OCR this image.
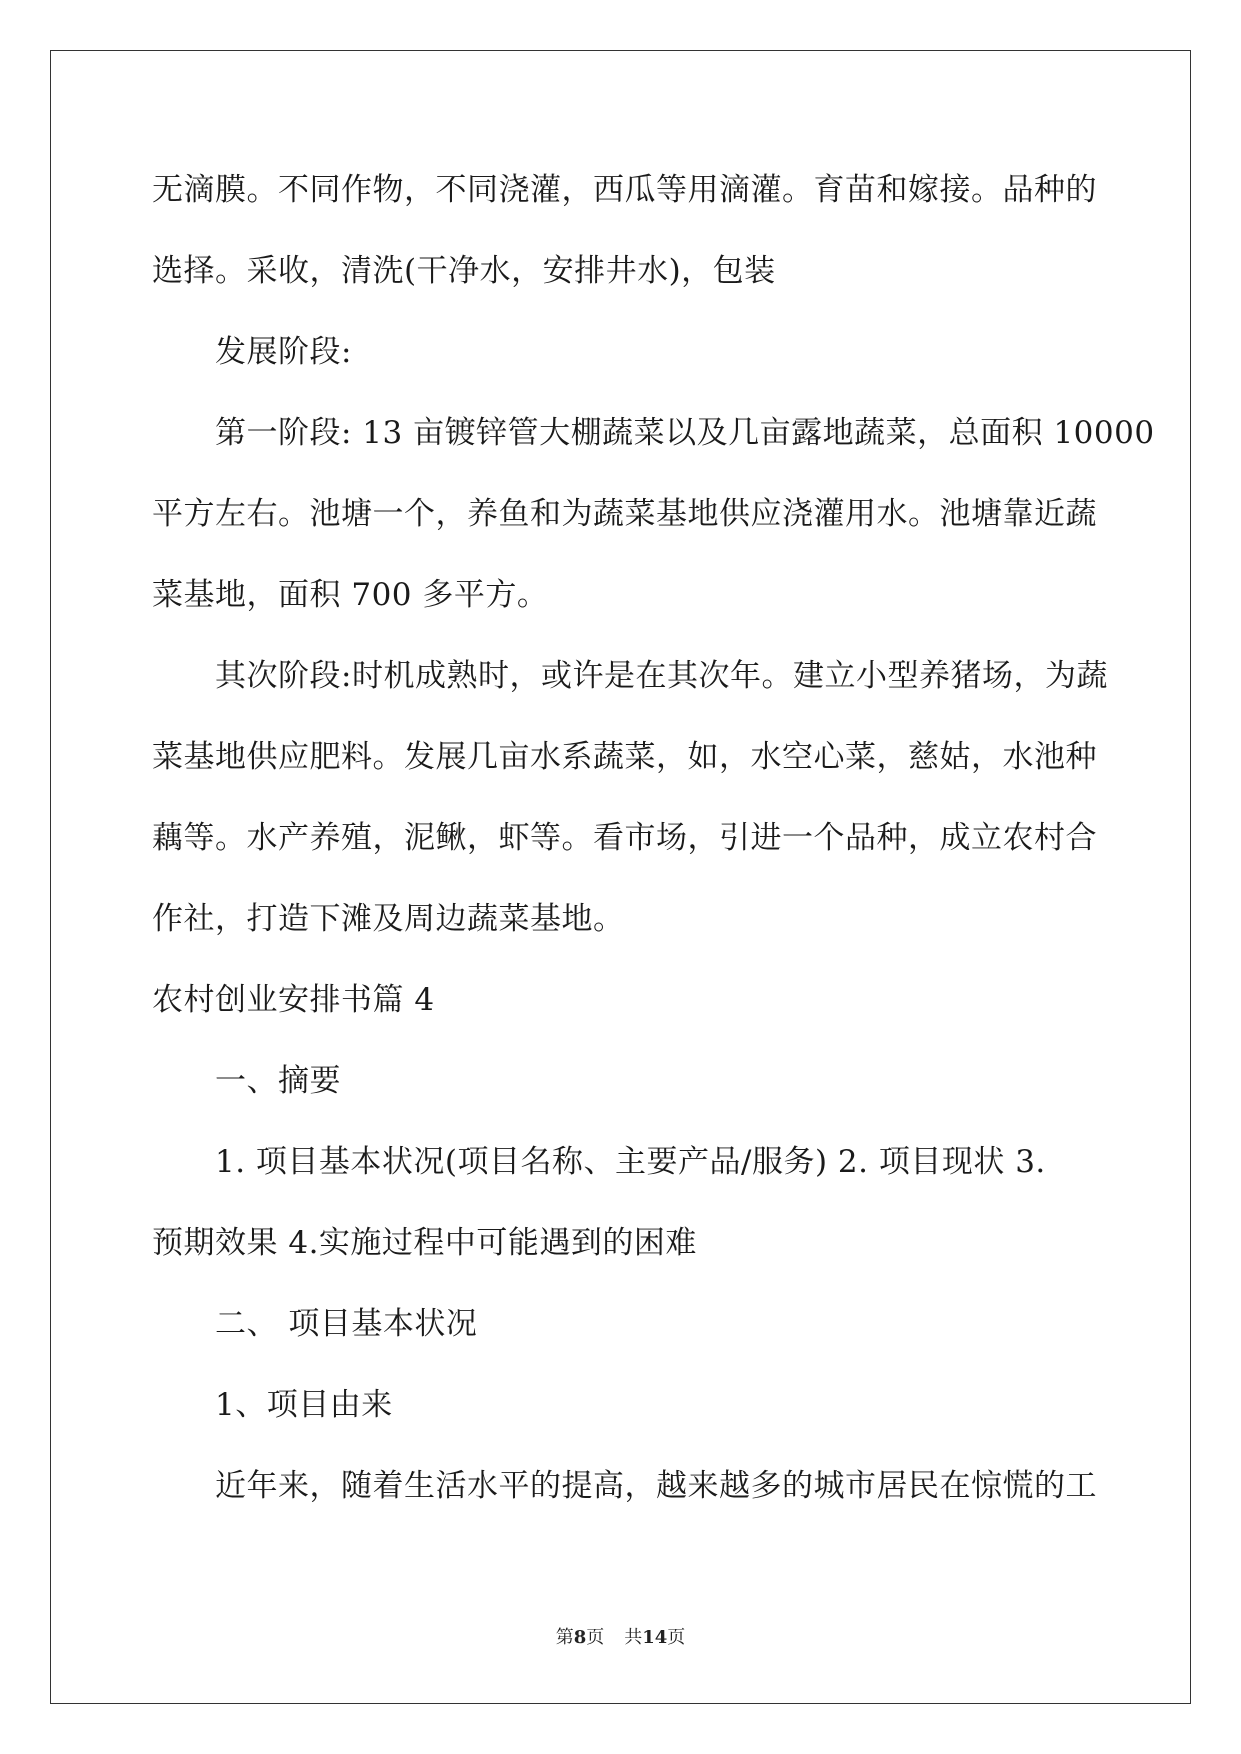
无滴膜。不同作物，不同浇灌，西瓜等用滴灌。育苗和嫁接。品种的
选择。采收，清洗(干净水，安排井水)，包装
发展阶段:
第一阶段: 13 亩镀锌管大棚蔬菜以及几亩露地蔬菜，总面积 10000
平方左右。池塘一个，养鱼和为蔬菜基地供应浇灌用水。池塘靠近蔬
菜基地，面积 700 多平方。
其次阶段:时机成熟时，或许是在其次年。建立小型养猪场，为蔬
菜基地供应肥料。发展几亩水系蔬菜，如，水空心菜，慈姑，水池种
藕等。水产养殖，泥鳅，虾等。看市场，引进一个品种，成立农村合
作社，打造下滩及周边蔬菜基地。
农村创业安排书篇 4
一、摘要
1. 项目基本状况(项目名称、主要产品/服务) 2. 项目现状 3.
预期效果 4.实施过程中可能遇到的困难
二、 项目基本状况
1、项目由来
近年来，随着生活水平的提高，越来越多的城市居民在惊慌的工
第8页 共14页
